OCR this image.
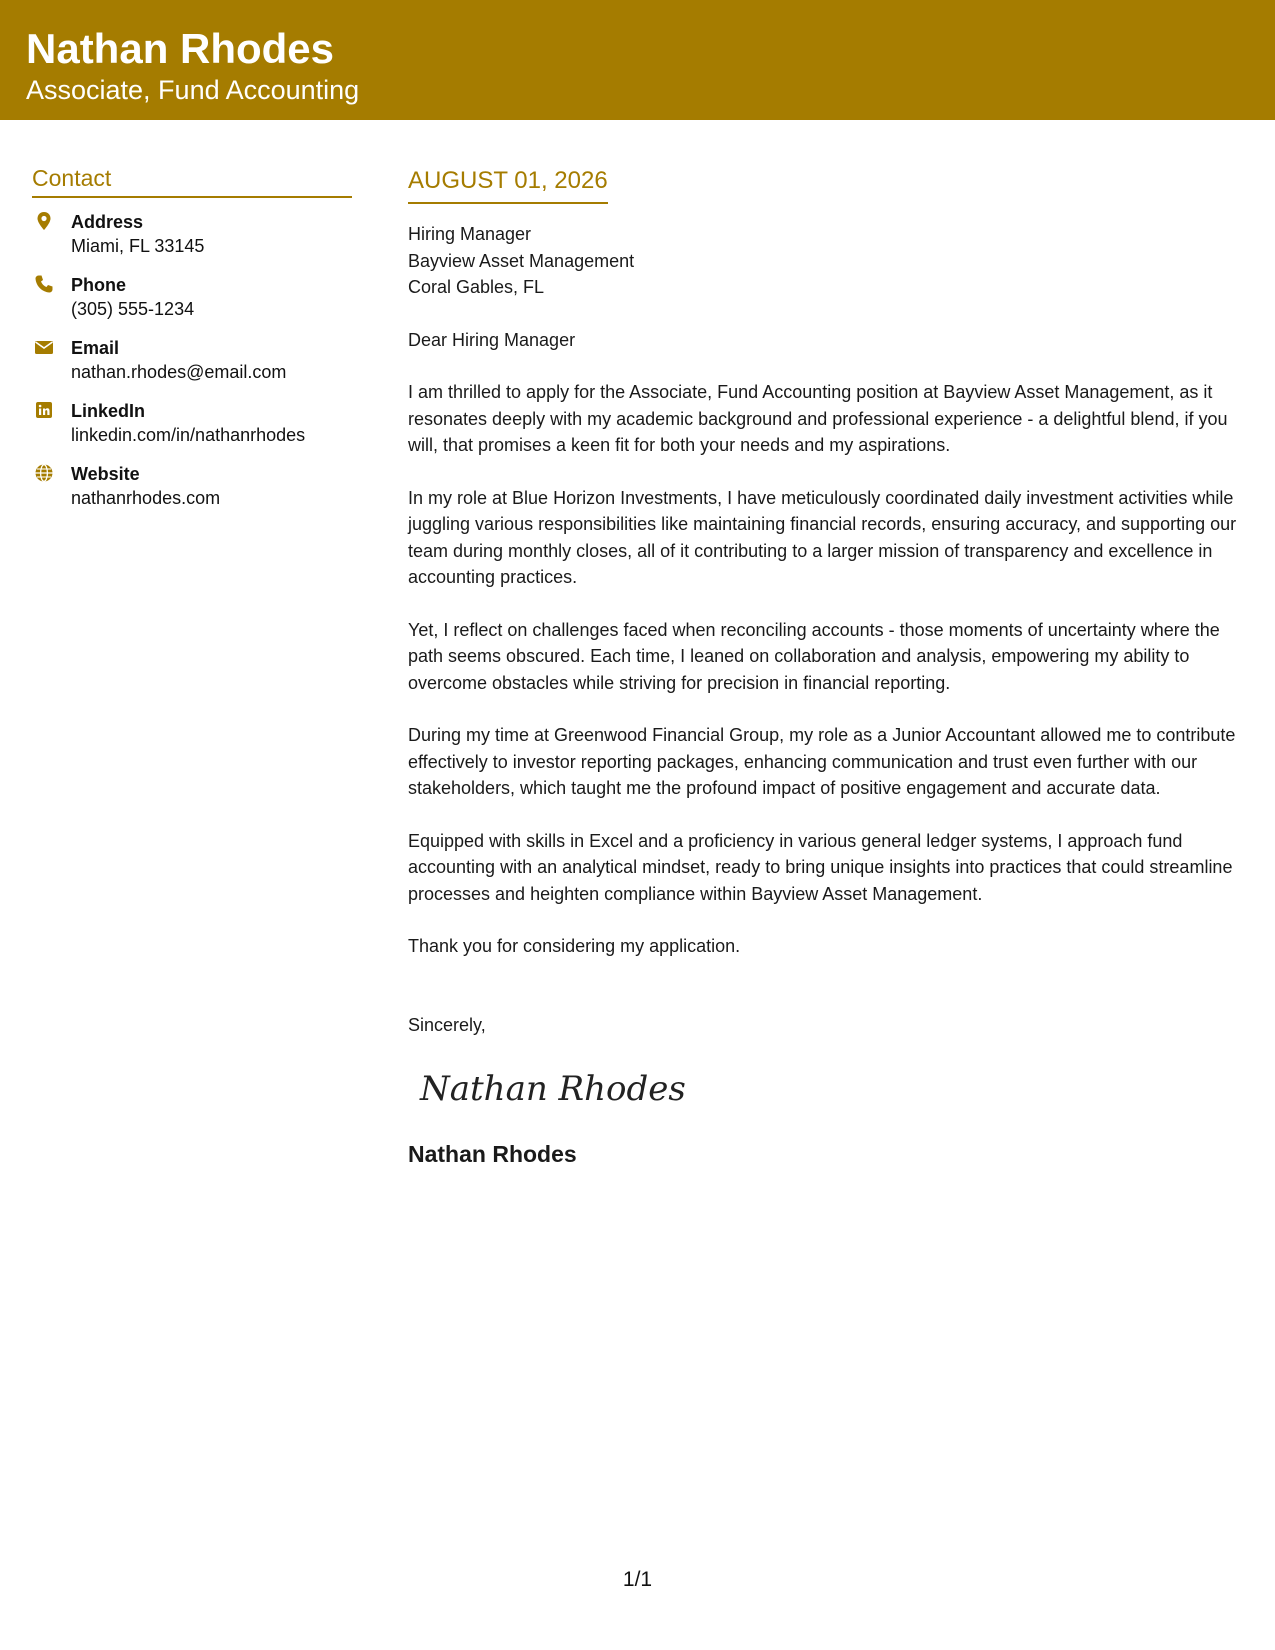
Nathan Rhodes
Associate, Fund Accounting
Contact
Address
Miami, FL 33145
Phone
(305) 555-1234
Email
nathan.rhodes@email.com
LinkedIn
linkedin.com/in/nathanrhodes
Website
nathanrhodes.com
AUGUST 01, 2026
Hiring Manager
Bayview Asset Management
Coral Gables, FL
Dear Hiring Manager
I am thrilled to apply for the Associate, Fund Accounting position at Bayview Asset Management, as it resonates deeply with my academic background and professional experience - a delightful blend, if you will, that promises a keen fit for both your needs and my aspirations.
In my role at Blue Horizon Investments, I have meticulously coordinated daily investment activities while juggling various responsibilities like maintaining financial records, ensuring accuracy, and supporting our team during monthly closes, all of it contributing to a larger mission of transparency and excellence in accounting practices.
Yet, I reflect on challenges faced when reconciling accounts - those moments of uncertainty where the path seems obscured. Each time, I leaned on collaboration and analysis, empowering my ability to overcome obstacles while striving for precision in financial reporting.
During my time at Greenwood Financial Group, my role as a Junior Accountant allowed me to contribute effectively to investor reporting packages, enhancing communication and trust even further with our stakeholders, which taught me the profound impact of positive engagement and accurate data.
Equipped with skills in Excel and a proficiency in various general ledger systems, I approach fund accounting with an analytical mindset, ready to bring unique insights into practices that could streamline processes and heighten compliance within Bayview Asset Management.
Thank you for considering my application.
Sincerely,
Nathan Rhodes
Nathan Rhodes
1/1
